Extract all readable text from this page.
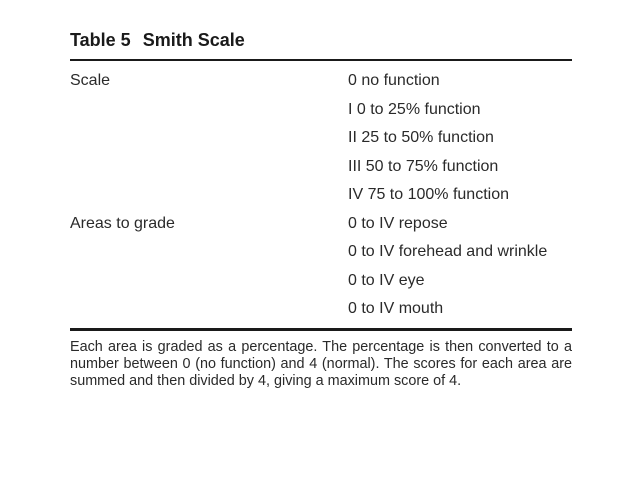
Table 5 Smith Scale
Scale	0 no function
I 0 to 25% function
II 25 to 50% function
III 50 to 75% function
IV 75 to 100% function
Areas to grade	0 to IV repose
0 to IV forehead and wrinkle
0 to IV eye
0 to IV mouth
Each area is graded as a percentage. The percentage is then converted to a number between 0 (no function) and 4 (normal). The scores for each area are summed and then divided by 4, giving a maximum score of 4.
